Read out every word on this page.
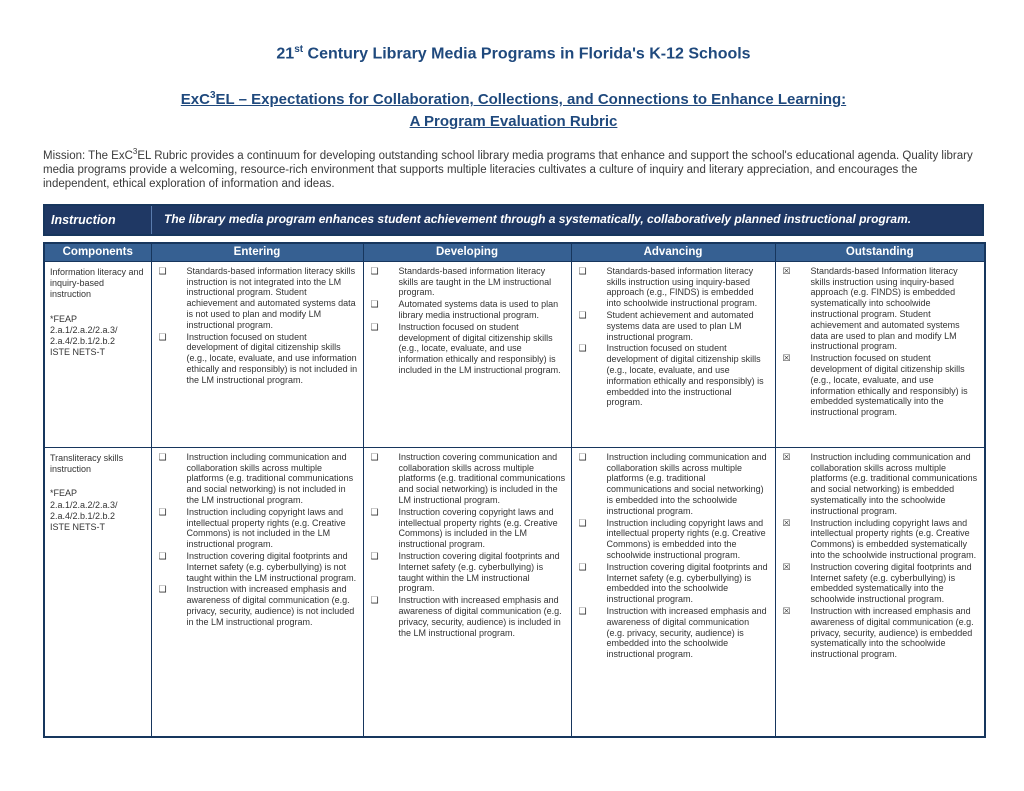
21st Century Library Media Programs in Florida's K-12 Schools
ExC$^3$EL – Expectations for Collaboration, Collections, and Connections to Enhance Learning:
A Program Evaluation Rubric

Mission: The ExC$^3$EL Rubric provides a continuum for developing outstanding school library media programs that enhance and support the school's educational agenda. Quality library media programs provide a welcoming, resource-rich environment that supports multiple literacies cultivates a culture of inquiry and literary appreciation, and encourages the independent, ethical exploration of information and ideas.

Instruction	The library media program enhances student achievement through a systematically, collaboratively planned instructional program.
Components	Entering	Developing	Advancing	Outstanding

Information literacy and inquiry-based instruction
*FEAP
2.a.1/2.a.2/2.a.3/
2.a.4/2.b.1/2.b.2
ISTE NETS-T

❑	Standards-based information literacy skills instruction is not integrated into the LM instructional program. Student achievement and automated systems data is not used to plan and modify LM instructional program.
❑	Instruction focused on student development of digital citizenship skills (e.g., locate, evaluate, and use information ethically and responsibly) is not included in the LM instructional program.

❑	Standards-based information literacy skills are taught in the LM instructional program.
❑	Automated systems data is used to plan library media instructional program.
❑	Instruction focused on student development of digital citizenship skills (e.g., locate, evaluate, and use information ethically and responsibly) is included in the LM instructional program.

❑	Standards-based information literacy skills instruction using inquiry-based approach (e.g., FINDS) is embedded into schoolwide instructional program.
❑	Student achievement and automated systems data are used to plan LM instructional program.
❑	Instruction focused on student development of digital citizenship skills (e.g., locate, evaluate, and use information ethically and responsibly) is embedded into the instructional program.

☒	Standards-based Information literacy skills instruction using inquiry-based approach (e.g. FINDS) is embedded systematically into schoolwide instructional program. Student achievement and automated systems data are used to plan and modify LM instructional program.
☒	Instruction focused on student development of digital citizenship skills (e.g., locate, evaluate, and use information ethically and responsibly) is embedded systematically into the instructional program.

Transliteracy skills instruction
*FEAP
2.a.1/2.a.2/2.a.3/
2.a.4/2.b.1/2.b.2
ISTE NETS-T

❑	Instruction including communication and collaboration skills across multiple platforms (e.g. traditional communications and social networking) is not included in the LM instructional program.
❑	Instruction including copyright laws and intellectual property rights (e.g. Creative Commons) is not included in the LM instructional program.
❑	Instruction covering digital footprints and Internet safety (e.g. cyberbullying) is not taught within the LM instructional program.
❑	Instruction with increased emphasis and awareness of digital communication (e.g. privacy, security, audience) is not included in the LM instructional program.

❑	Instruction covering communication and collaboration skills across multiple platforms (e.g. traditional communications and social networking) is included in the LM instructional program.
❑	Instruction covering copyright laws and intellectual property rights (e.g. Creative Commons) is included in the LM instructional program.
❑	Instruction covering digital footprints and Internet safety (e.g. cyberbullying) is taught within the LM instructional program.
❑	Instruction with increased emphasis and awareness of digital communication (e.g. privacy, security, audience) is included in the LM instructional program.

❑	Instruction including communication and collaboration skills across multiple platforms (e.g. traditional communications and social networking) is embedded into the schoolwide instructional program.
❑	Instruction including copyright laws and intellectual property rights (e.g. Creative Commons) is embedded into the schoolwide instructional program.
❑	Instruction covering digital footprints and Internet safety (e.g. cyberbullying) is embedded into the schoolwide instructional program.
❑	Instruction with increased emphasis and awareness of digital communication (e.g. privacy, security, audience) is embedded into the schoolwide instructional program.

☒	Instruction including communication and collaboration skills across multiple platforms (e.g. traditional communications and social networking) is embedded systematically into the schoolwide instructional program.
☒	Instruction including copyright laws and intellectual property rights (e.g. Creative Commons) is embedded systematically into the schoolwide instructional program.
☒	Instruction covering digital footprints and Internet safety (e.g. cyberbullying) is embedded systematically into the schoolwide instructional program.
☒	Instruction with increased emphasis and awareness of digital communication (e.g. privacy, security, audience) is embedded systematically into the schoolwide instructional program.
